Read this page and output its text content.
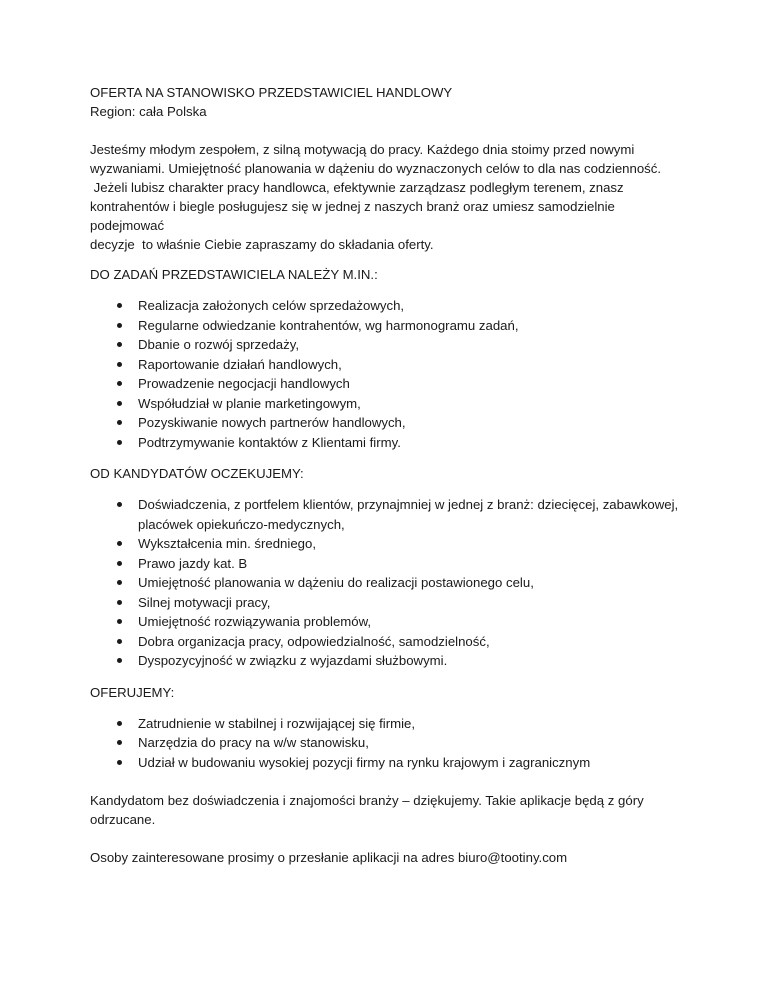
OFERTA NA STANOWISKO PRZEDSTAWICIEL HANDLOWY

Region: cała Polska

Jesteśmy młodym zespołem, z silną motywacją do pracy. Każdego dnia stoimy przed nowymi

wyzwaniami. Umiejętność planowania w dążeniu do wyznaczonych celów to dla nas codzienność.

Jeżeli lubisz charakter pracy handlowca, efektywnie zarządzasz podległym terenem, znasz

kontrahentów i biegle posługujesz się w jednej z naszych branż oraz umiesz samodzielnie podejmować

decyzje  to właśnie Ciebie zapraszamy do składania oferty.

DO ZADAŃ PRZEDSTAWICIELA NALEŻY M.IN.:

Realizacja założonych celów sprzedażowych,
Regularne odwiedzanie kontrahentów, wg harmonogramu zadań,
Dbanie o rozwój sprzedaży,
Raportowanie działań handlowych,
Prowadzenie negocjacji handlowych
Współudział w planie marketingowym,
Pozyskiwanie nowych partnerów handlowych,
Podtrzymywanie kontaktów z Klientami firmy.

OD KANDYDATÓW OCZEKUJEMY:

Doświadczenia, z portfelem klientów, przynajmniej w jednej z branż: dziecięcej, zabawkowej,
placówek opiekuńczo-medycznych,
Wykształcenia min. średniego,
Prawo jazdy kat. B
Umiejętność planowania w dążeniu do realizacji postawionego celu,
Silnej motywacji pracy,
Umiejętność rozwiązywania problemów,
Dobra organizacja pracy, odpowiedzialność, samodzielność,
Dyspozycyjność w związku z wyjazdami służbowymi.

OFERUJEMY:

Zatrudnienie w stabilnej i rozwijającej się firmie,
Narzędzia do pracy na w/w stanowisku,
Udział w budowaniu wysokiej pozycji firmy na rynku krajowym i zagranicznym

Kandydatom bez doświadczenia i znajomości branży – dziękujemy. Takie aplikacje będą z góry

odrzucane.

Osoby zainteresowane prosimy o przesłanie aplikacji na adres biuro@tootiny.com
